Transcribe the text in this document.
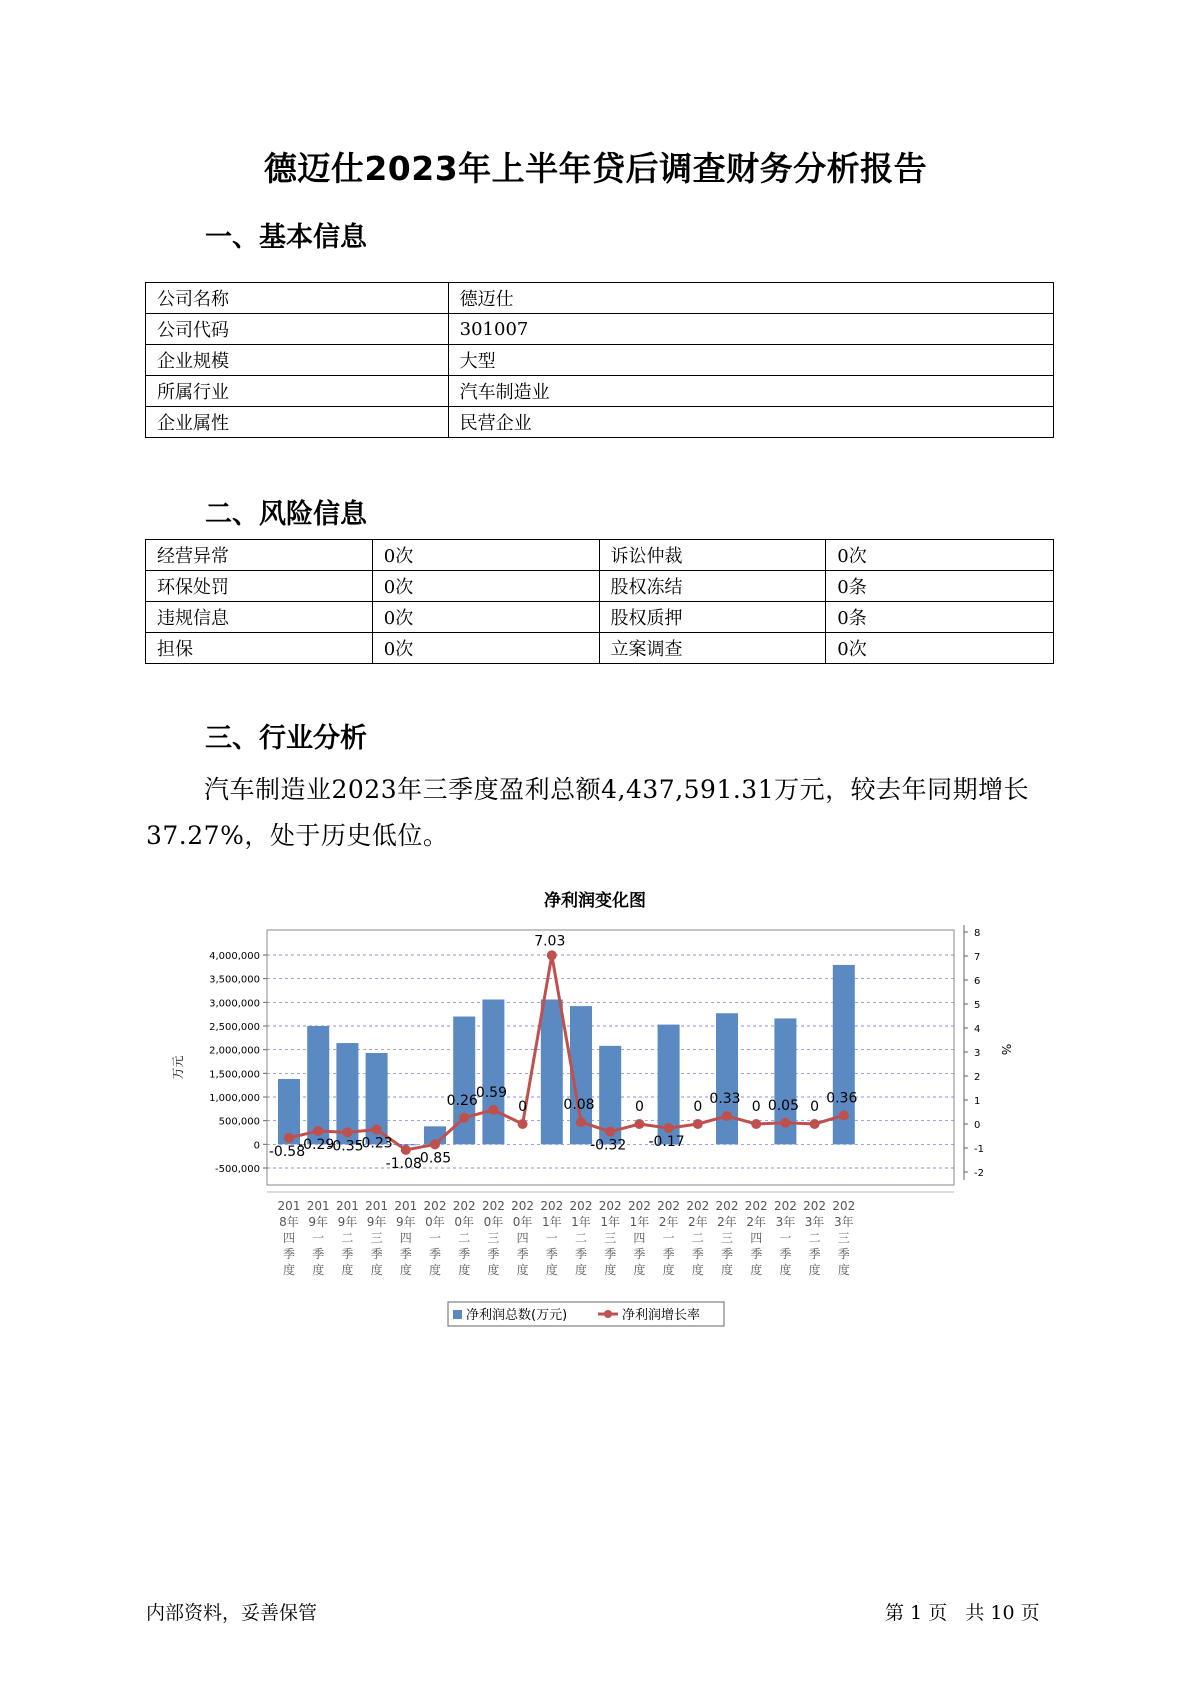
德迈仕2023年上半年贷后调查财务分析报告
一、基本信息
公司名称	德迈仕
公司代码	301007
企业规模	大型
所属行业	汽车制造业
企业属性	民营企业
二、风险信息
经营异常	0次	诉讼仲裁	0次
环保处罚	0次	股权冻结	0条
违规信息	0次	股权质押	0条
担保	0次	立案调查	0次
三、行业分析
汽车制造业2023年三季度盈利总额4,437,591.31万元，较去年同期增长37.27%，处于历史低位。
净利润变化图
4,000,000
3,500,000
3,000,000
2,500,000
2,000,000
1,500,000
1,000,000
500,000
0
-500,000
万元
8
7
6
5
4
3
2
1
0
-1
-2
%
-0.58
-0.29
-0.35
-0.23
-1.08
-0.85
0.26
0.59
0
7.03
0.08
-0.32
0
-0.17
0 0.33 0 0.05 0
0.36
201
8年
四
季
度
201
9年
一
季
度
201
9年
二
季
度
201
9年
三
季
度
201
9年
四
季
度
202
0年
一
季
度
202
0年
二
季
度
202
0年
三
季
度
202
0年
四
季
度
202
1年
一
季
度
202
1年
二
季
度
202
1年
三
季
度
202
1年
四
季
度
202
2年
一
季
度
202
2年
二
季
度
202
2年
三
季
度
202
2年
四
季
度
202
3年
一
季
度
202
3年
二
季
度
202
3年
三
季
度
净利润总数(万元)	净利润增长率
内部资料，妥善保管	第 1 页 共 10 页
